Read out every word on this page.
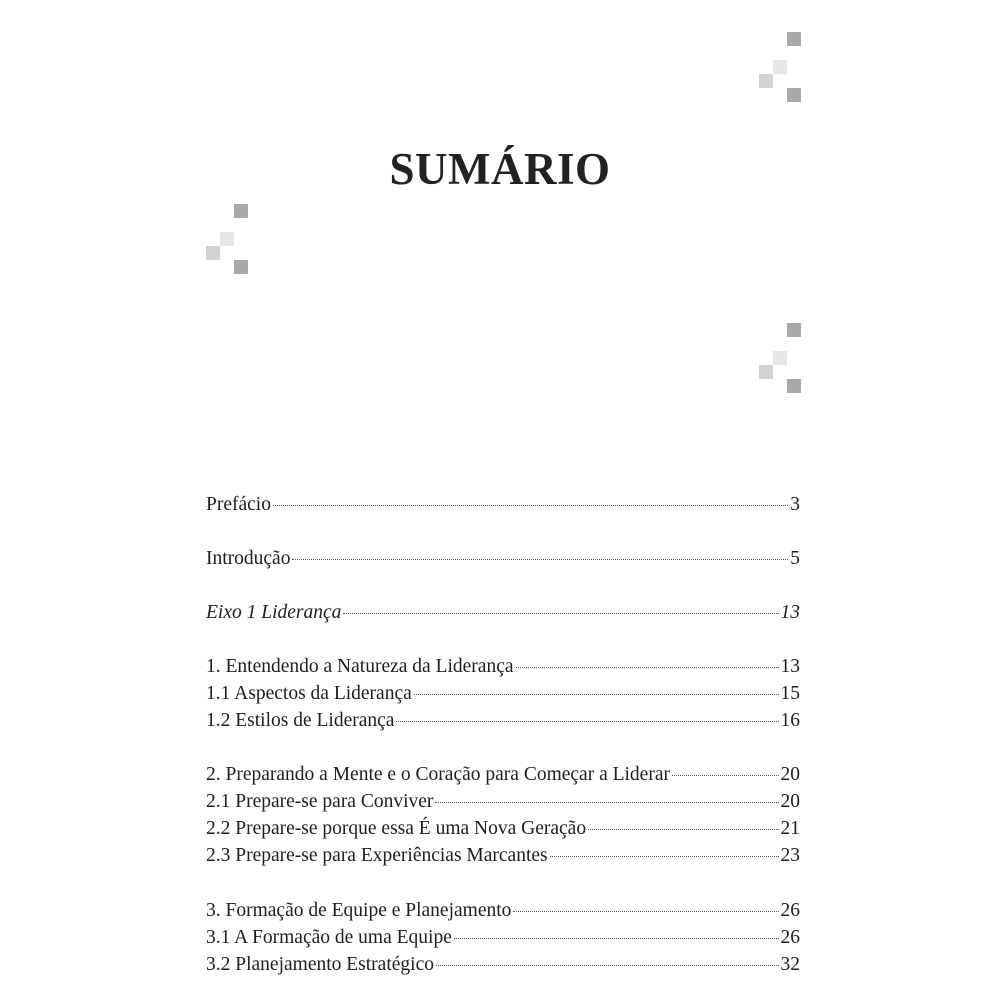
SUMÁRIO
Prefácio	3
Introdução	5
Eixo 1 Liderança	13
1. Entendendo a Natureza da Liderança	13
1.1 Aspectos da Liderança	15
1.2 Estilos de Liderança	16
2. Preparando a Mente e o Coração para Começar a Liderar	20
2.1 Prepare-se para Conviver	20
2.2 Prepare-se porque essa É uma Nova Geração	21
2.3 Prepare-se para Experiências Marcantes	23
3. Formação de Equipe e Planejamento	26
3.1 A Formação de uma Equipe	26
3.2 Planejamento Estratégico	32
